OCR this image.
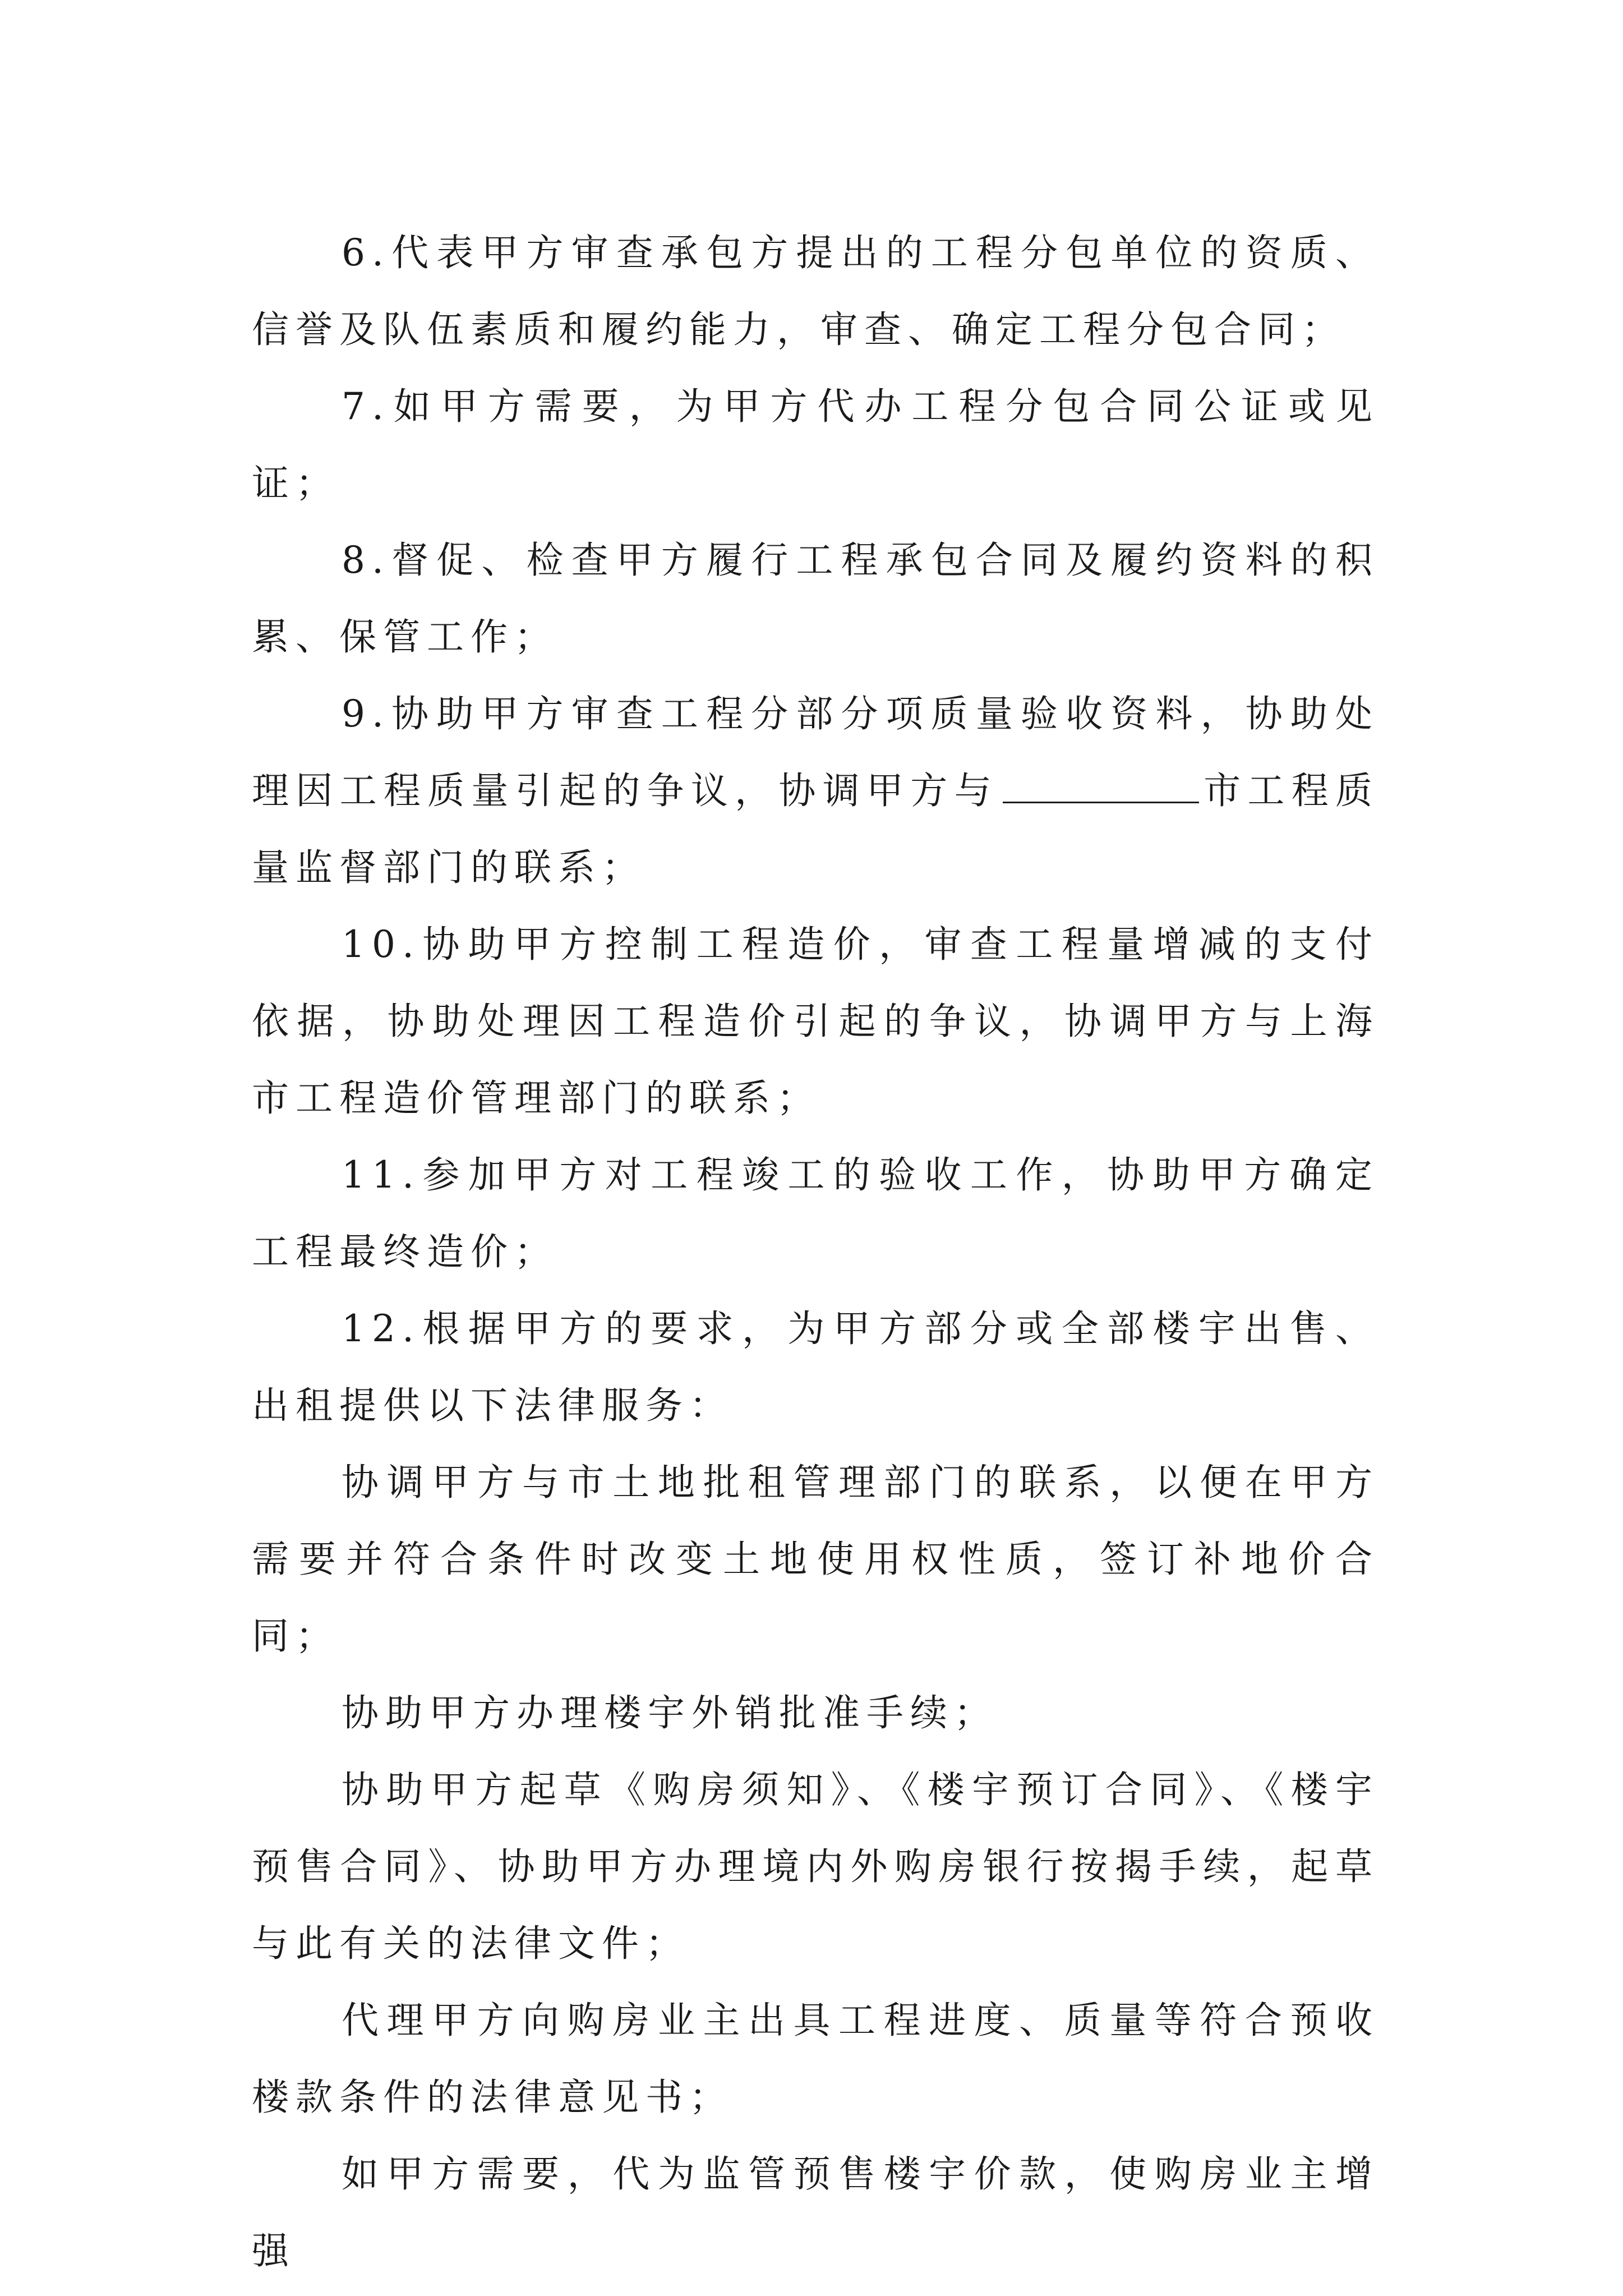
6.代表甲方审查承包方提出的工程分包单位的资质、信誉及队伍素质和履约能力，审查、确定工程分包合同；

7.如甲方需要，为甲方代办工程分包合同公证或见证；

8.督促、检查甲方履行工程承包合同及履约资料的积累、保管工作；

9.协助甲方审查工程分部分项质量验收资料，协助处理因工程质量引起的争议，协调甲方与	市工程质量监督部门的联系；

10.协助甲方控制工程造价，审查工程量增减的支付依据，协助处理因工程造价引起的争议，协调甲方与上海市工程造价管理部门的联系；

11.参加甲方对工程竣工的验收工作，协助甲方确定工程最终造价；

12.根据甲方的要求，为甲方部分或全部楼宇出售、出租提供以下法律服务：

协调甲方与市土地批租管理部门的联系，以便在甲方需要并符合条件时改变土地使用权性质，签订补地价合同；

协助甲方办理楼宇外销批准手续；

协助甲方起草《购房须知》、《楼宇预订合同》、《楼宇预售合同》、协助甲方办理境内外购房银行按揭手续，起草与此有关的法律文件；

代理甲方向购房业主出具工程进度、质量等符合预收楼款条件的法律意见书；

如甲方需要，代为监管预售楼宇价款，使购房业主增强
